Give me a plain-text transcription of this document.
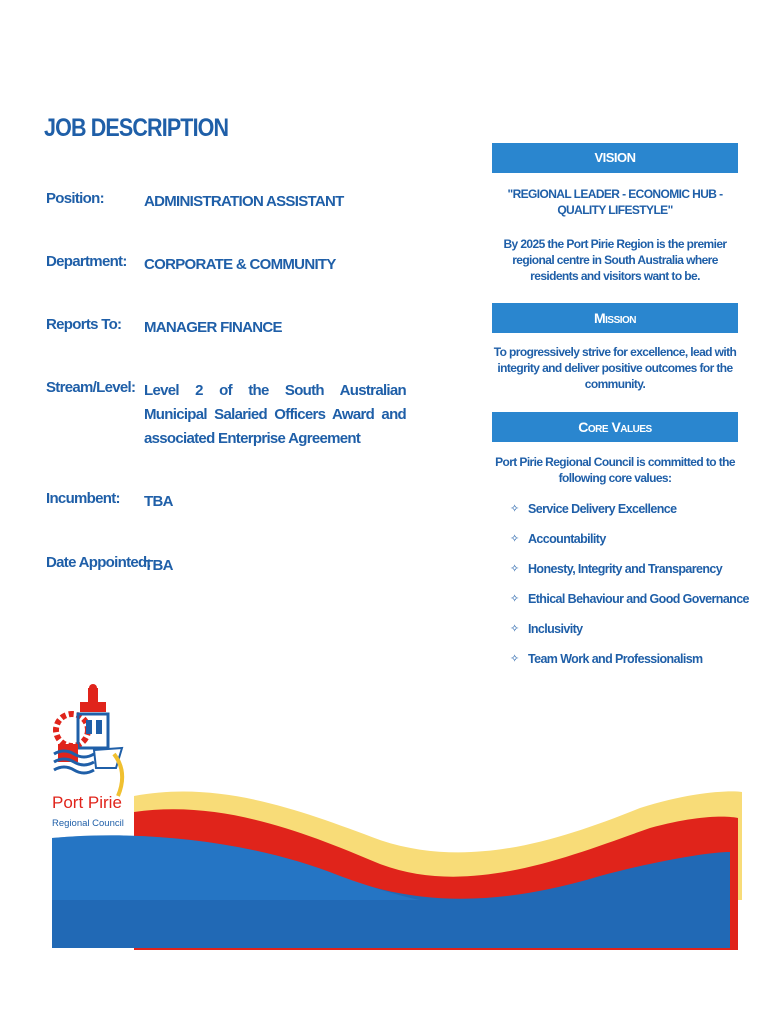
JOB DESCRIPTION
Position:	ADMINISTRATION ASSISTANT
Department: CORPORATE & COMMUNITY
Reports To: MANAGER FINANCE
Stream/Level: Level 2 of the South Australian Municipal Salaried Officers Award and associated Enterprise Agreement
Incumbent: TBA
Date Appointed:
TBA
VISION
"REGIONAL LEADER - ECONOMIC HUB - QUALITY LIFESTYLE"
By 2025 the Port Pirie Region is the premier regional centre in South Australia where residents and visitors want to be.
Mission
To progressively strive for excellence, lead with integrity and deliver positive outcomes for the community.
Core Values
Port Pirie Regional Council is committed to the following core values:
✧ Service Delivery Excellence
✧ Accountability
✧ Honesty, Integrity and Transparency
✧ Ethical Behaviour and Good Governance
✧ Inclusivity
✧ Team Work and Professionalism
Port Pirie
Regional Council
